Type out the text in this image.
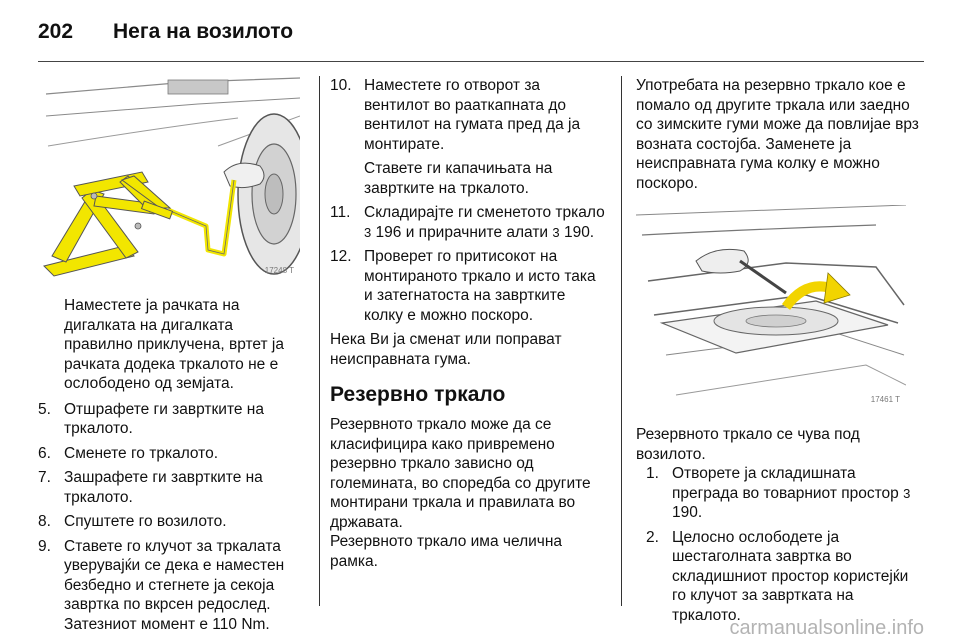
202 Нега на возилото
17248 T

Наместете ја рачката на дигалката на дигалката правилно приклучена, вртет ја рачката додека тркалото не е ослободено од земјата.

5. Отшрафете ги завртките на тркалото.
6. Сменете го тркалото.
7. Зашрафете ги завртките на тркалото.
8. Спуштете го возилото.
9. Ставете го клучот за тркалата уверувајќи се дека е наместен безбедно и стегнете ја секоја завртка по вкрсен редослед. Затезниот момент е 110 Nm.
10. Наместете го отворот за вентилот во рааткапната до вентилот на гумата пред да ја монтирате.
Ставете ги капачињата на завртките на тркалото.
11. Складирајте ги сменетото тркало 3 196 и прирачните алати 3 190.
12. Проверет го притисокот на монтираното тркало и исто така и затегнатоста на завртките колку е можно поскоро.

Нека Ви ја сменат или поправат неисправната гума.

Резервно тркало

Резервното тркало може да се класифицира како привремено резервно тркало зависно од големината, во споредба со другите монтирани тркала и правилата во државата.

Резервното тркало има челична рамка.

Употребата на резервно тркало кое е помало од другите тркала или заедно со зимските гуми може да повлијае врз возната состојба. Заменете ја неисправната гума колку е можно поскоро.

17461 T

Резервното тркало се чува под возилото.

1. Отворете ја складишната преграда во товарниот простор 3 190.
2. Целосно ослободете ја шестаголната завртка во складишниот простор користејќи го клучот за завртката на тркалото.
carmanualsonline.info
